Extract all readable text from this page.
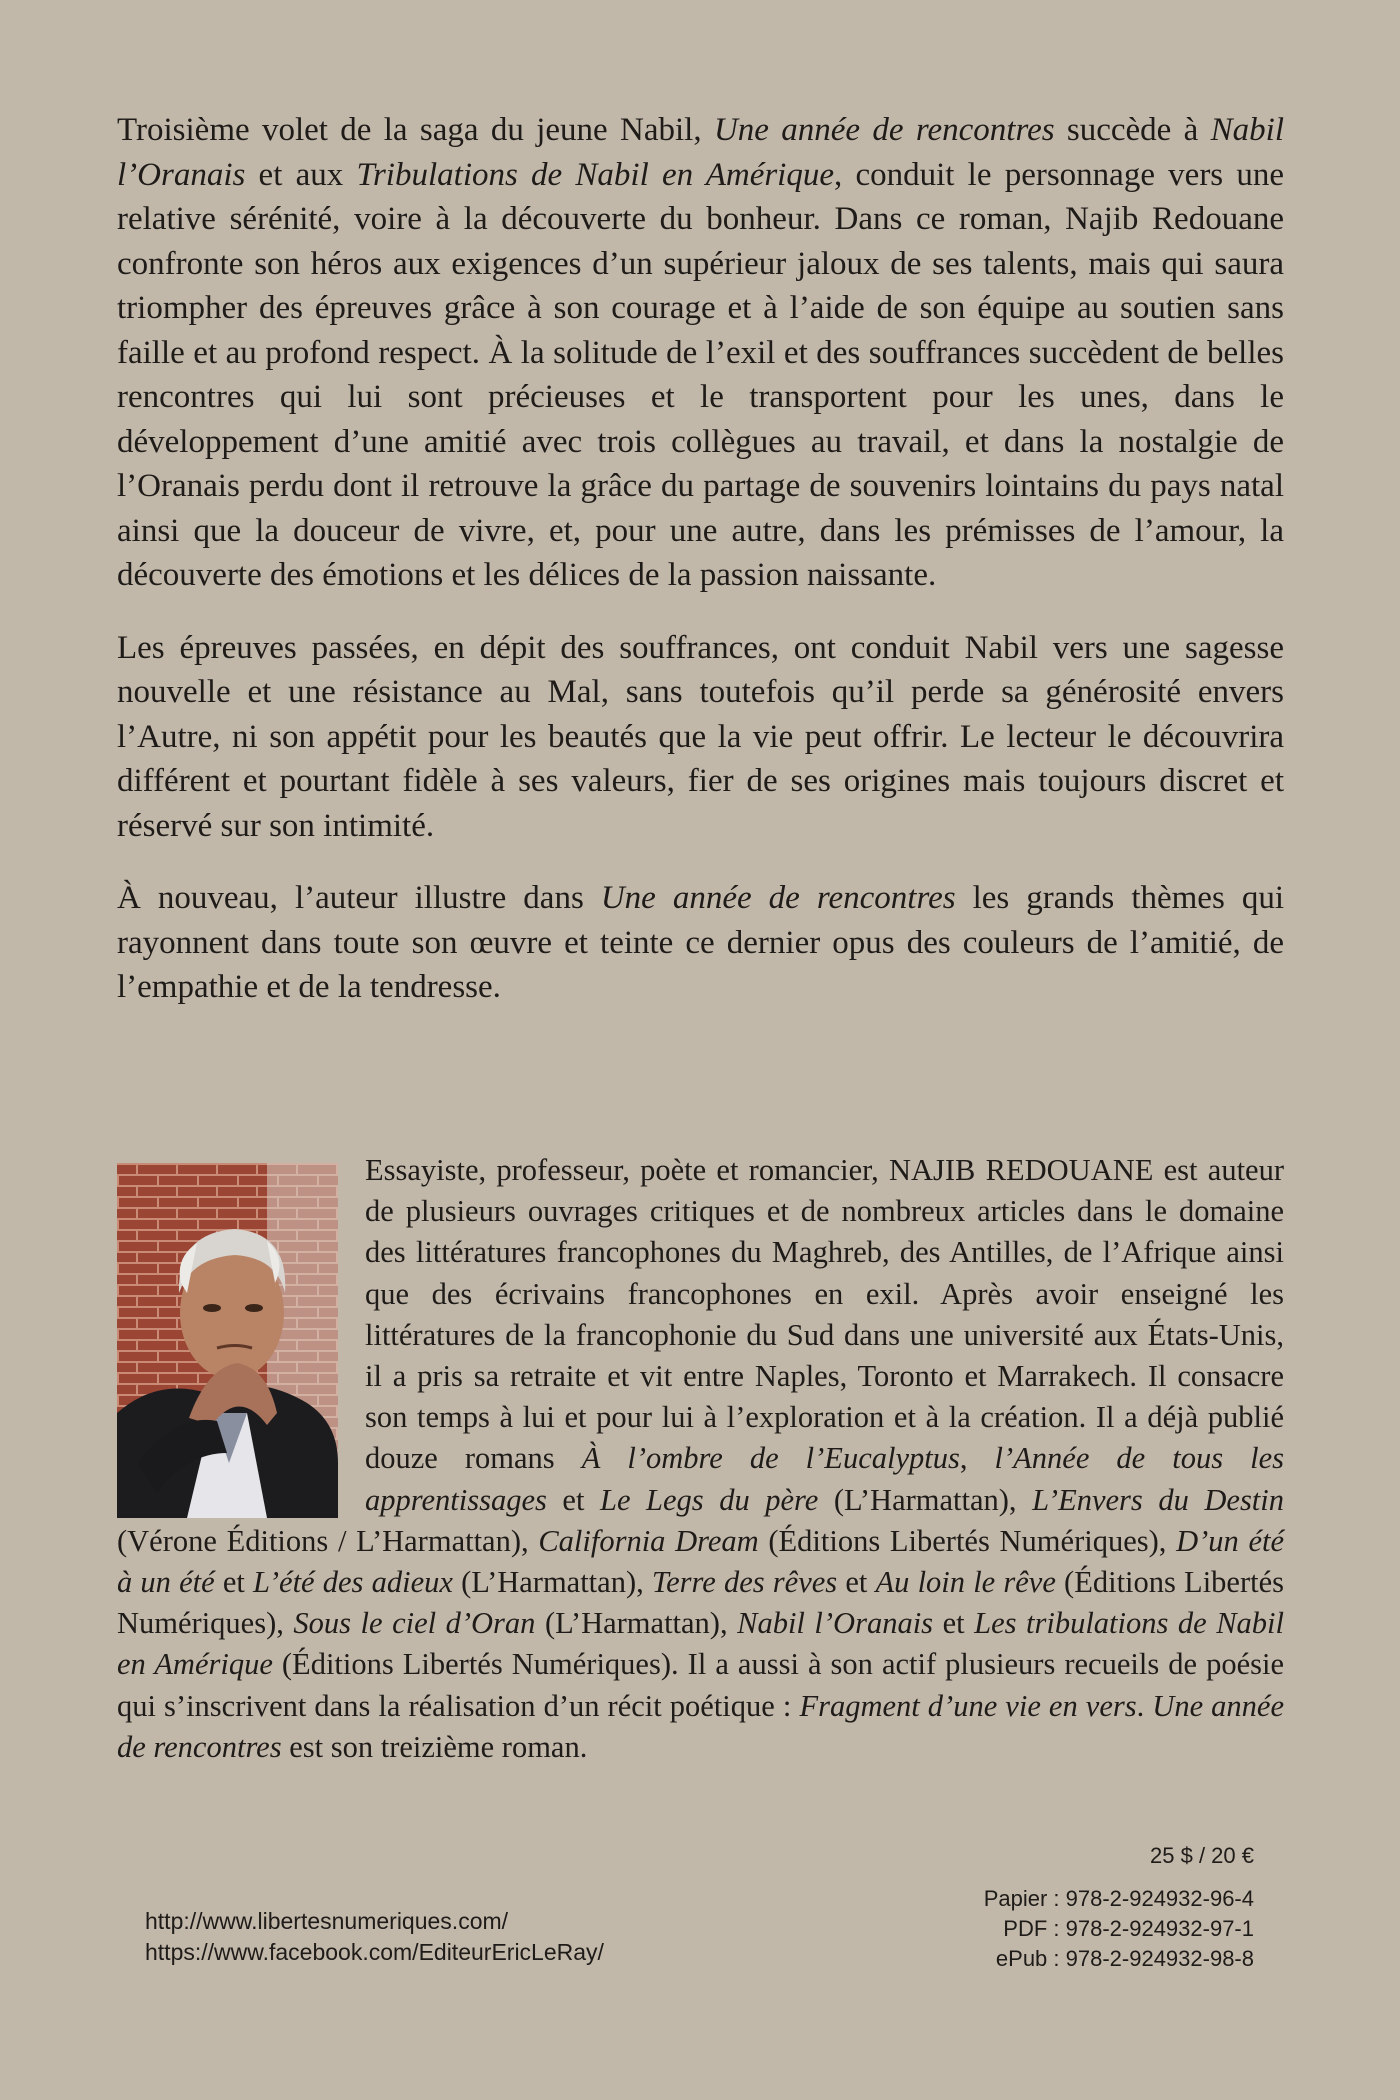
Troisième volet de la saga du jeune Nabil, Une année de rencontres succède à Nabil l’Oranais et aux Tribulations de Nabil en Amérique, conduit le personnage vers une relative sérénité, voire à la découverte du bonheur. Dans ce roman, Najib Redouane confronte son héros aux exigences d’un supérieur jaloux de ses talents, mais qui saura triompher des épreuves grâce à son courage et à l’aide de son équipe au soutien sans faille et au profond respect. À la solitude de l’exil et des souffrances succèdent de belles rencontres qui lui sont précieuses et le transportent pour les unes, dans le développement d’une amitié avec trois collègues au travail, et dans la nostalgie de l’Oranais perdu dont il retrouve la grâce du partage de souvenirs lointains du pays natal ainsi que la douceur de vivre, et, pour une autre, dans les prémisses de l’amour, la découverte des émotions et les délices de la passion naissante.

Les épreuves passées, en dépit des souffrances, ont conduit Nabil vers une sagesse nouvelle et une résistance au Mal, sans toutefois qu’il perde sa générosité envers l’Autre, ni son appétit pour les beautés que la vie peut offrir. Le lecteur le découvrira différent et pourtant fidèle à ses valeurs, fier de ses origines mais toujours discret et réservé sur son intimité.

À nouveau, l’auteur illustre dans Une année de rencontres les grands thèmes qui rayonnent dans toute son œuvre et teinte ce dernier opus des couleurs de l’amitié, de l’empathie et de la tendresse.

Essayiste, professeur, poète et romancier, NAJIB REDOUANE est auteur de plusieurs ouvrages critiques et de nombreux articles dans le domaine des littératures francophones du Maghreb, des Antilles, de l’Afrique ainsi que des écrivains francophones en exil. Après avoir enseigné les littératures de la francophonie du Sud dans une université aux États-Unis, il a pris sa retraite et vit entre Naples, Toronto et Marrakech. Il consacre son temps à lui et pour lui à l’exploration et à la création. Il a déjà publié douze romans À l’ombre de l’Eucalyptus, l’Année de tous les apprentissages et Le Legs du père (L’Harmattan), L’Envers du Destin (Vérone Éditions / L’Harmattan), California Dream (Éditions Libertés Numériques), D’un été à un été et L’été des adieux (L’Harmattan), Terre des rêves et Au loin le rêve (Éditions Libertés Numériques), Sous le ciel d’Oran (L’Harmattan), Nabil l’Oranais et Les tribulations de Nabil en Amérique (Éditions Libertés Numériques). Il a aussi à son actif plusieurs recueils de poésie qui s’inscrivent dans la réalisation d’un récit poétique : Fragment d’une vie en vers. Une année de rencontres est son treizième roman.
25 $ / 20 €
Papier : 978-2-924932-96-4
PDF : 978-2-924932-97-1
ePub : 978-2-924932-98-8
http://www.libertesnumeriques.com/
https://www.facebook.com/EditeurEricLeRay/
